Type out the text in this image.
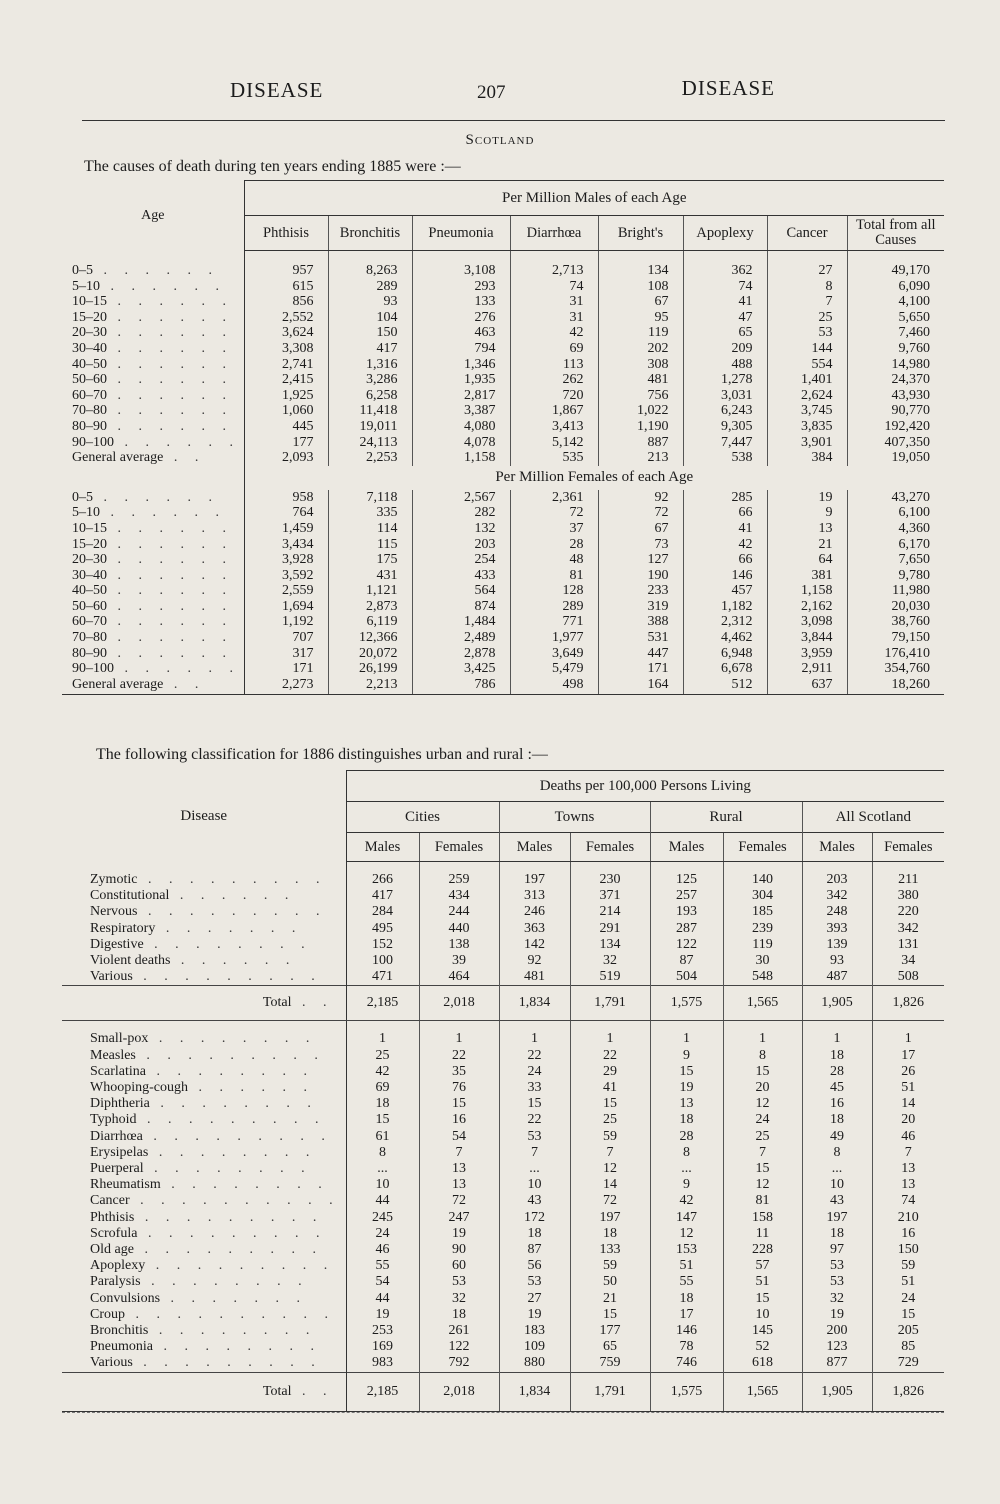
DISEASE	207	DISEASE
Scotland
The causes of death during ten years ending 1885 were :—
Age	Per Million Males of each Age							
	Phthisis	Bronchitis	Pneumonia	Diarrhœa	Bright's	Apoplexy	Cancer	Total from all Causes

0–5 . . . . . .	957	8,263	3,108	2,713	134	362	27	49,170
5–10 . . . . . .	615	289	293	74	108	74	8	6,090
10–15 . . . . . .	856	93	133	31	67	41	7	4,100
15–20 . . . . . .	2,552	104	276	31	95	47	25	5,650
20–30 . . . . . .	3,624	150	463	42	119	65	53	7,460
30–40 . . . . . .	3,308	417	794	69	202	209	144	9,760
40–50 . . . . . .	2,741	1,316	1,346	113	308	488	554	14,980
50–60 . . . . . .	2,415	3,286	1,935	262	481	1,278	1,401	24,370
60–70 . . . . . .	1,925	6,258	2,817	720	756	3,031	2,624	43,930
70–80 . . . . . .	1,060	11,418	3,387	1,867	1,022	6,243	3,745	90,770
80–90 . . . . . .	445	19,011	4,080	3,413	1,190	9,305	3,835	192,420
90–100 . . . . . .	177	24,113	4,078	5,142	887	7,447	3,901	407,350
General average . .	2,093	2,253	1,158	535	213	538	384	19,050
	Per Million Females of each Age							
0–5 . . . . . .	958	7,118	2,567	2,361	92	285	19	43,270
5–10 . . . . . .	764	335	282	72	72	66	9	6,100
10–15 . . . . . .	1,459	114	132	37	67	41	13	4,360
15–20 . . . . . .	3,434	115	203	28	73	42	21	6,170
20–30 . . . . . .	3,928	175	254	48	127	66	64	7,650
30–40 . . . . . .	3,592	431	433	81	190	146	381	9,780
40–50 . . . . . .	2,559	1,121	564	128	233	457	1,158	11,980
50–60 . . . . . .	1,694	2,873	874	289	319	1,182	2,162	20,030
60–70 . . . . . .	1,192	6,119	1,484	771	388	2,312	3,098	38,760
70–80 . . . . . .	707	12,366	2,489	1,977	531	4,462	3,844	79,150
80–90 . . . . . .	317	20,072	2,878	3,649	447	6,948	3,959	176,410
90–100 . . . . . .	171	26,199	3,425	5,479	171	6,678	2,911	354,760
General average . .	2,273	2,213	786	498	164	512	637	18,260
The following classification for 1886 distinguishes urban and rural :—
Disease	Deaths per 100,000 Persons Living							
	Cities		Towns		Rural		All Scotland	
	Males	Females	Males	Females	Males	Females	Males	Females

Zymotic . . . . . . . . .	266	259	197	230	125	140	203	211
Constitutional . . . . . .	417	434	313	371	257	304	342	380
Nervous . . . . . . . . .	284	244	246	214	193	185	248	220
Respiratory . . . . . . .	495	440	363	291	287	239	393	342
Digestive . . . . . . . .	152	138	142	134	122	119	139	131
Violent deaths . . . . . .	100	39	92	32	87	30	93	34
Various . . . . . . . . .	471	464	481	519	504	548	487	508
Total . .	2,185	2,018	1,834	1,791	1,575	1,565	1,905	1,826

Small-pox . . . . . . . .	1	1	1	1	1	1	1	1
Measles . . . . . . . . .	25	22	22	22	9	8	18	17
Scarlatina . . . . . . . .	42	35	24	29	15	15	28	26
Whooping-cough . . . . . .	69	76	33	41	19	20	45	51
Diphtheria . . . . . . . .	18	15	15	15	13	12	16	14
Typhoid . . . . . . . . .	15	16	22	25	18	24	18	20
Diarrhœa . . . . . . . . .	61	54	53	59	28	25	49	46
Erysipelas . . . . . . . .	8	7	7	7	8	7	8	7
Puerperal . . . . . . . .	...	13	...	12	...	15	...	13
Rheumatism . . . . . . . .	10	13	10	14	9	12	10	13
Cancer . . . . . . . . . .	44	72	43	72	42	81	43	74
Phthisis . . . . . . . . .	245	247	172	197	147	158	197	210
Scrofula . . . . . . . . .	24	19	18	18	12	11	18	16
Old age . . . . . . . . .	46	90	87	133	153	228	97	150
Apoplexy . . . . . . . . .	55	60	56	59	51	57	53	59
Paralysis . . . . . . . .	54	53	53	50	55	51	53	51
Convulsions . . . . . . .	44	32	27	21	18	15	32	24
Croup . . . . . . . . . .	19	18	19	15	17	10	19	15
Bronchitis . . . . . . . .	253	261	183	177	146	145	200	205
Pneumonia . . . . . . . .	169	122	109	65	78	52	123	85
Various . . . . . . . . .	983	792	880	759	746	618	877	729
Total . .	2,185	2,018	1,834	1,791	1,575	1,565	1,905	1,826
